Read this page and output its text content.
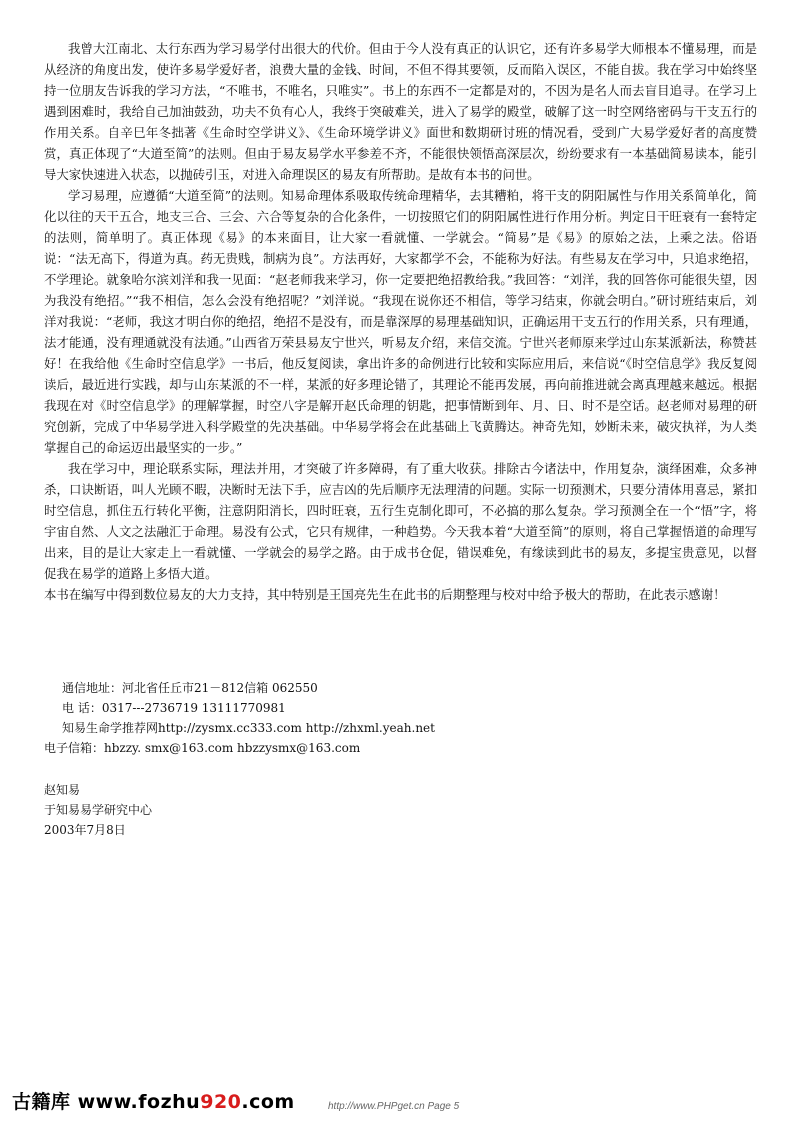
我曾大江南北、太行东西为学习易学付出很大的代价。但由于今人没有真正的认识它，还有许多易学大师根本不懂易理，而是从经济的角度出发，使许多易学爱好者，浪费大量的金钱、时间，不但不得其要领，反而陷入误区，不能自拔。我在学习中始终坚持一位朋友告诉我的学习方法，“不唯书，不唯名，只唯实”。书上的东西不一定都是对的，不因为是名人而去盲目追寻。在学习上遇到困难时，我给自己加油鼓劲，功夫不负有心人，我终于突破难关，进入了易学的殿堂，破解了这一时空网络密码与干支五行的作用关系。自辛巳年冬拙著《生命时空学讲义》、《生命环境学讲义》面世和数期研讨班的情况看，受到广大易学爱好者的高度赞赏，真正体现了“大道至简”的法则。但由于易友易学水平参差不齐，不能很快领悟高深层次，纷纷要求有一本基础简易读本，能引导大家快速进入状态，以抛砖引玉，对进入命理误区的易友有所帮助。是故有本书的问世。

学习易理，应遵循“大道至简”的法则。知易命理体系吸取传统命理精华，去其糟粕，将干支的阴阳属性与作用关系简单化，简化以往的天干五合，地支三合、三会、六合等复杂的合化条件，一切按照它们的阴阳属性进行作用分析。判定日干旺衰有一套特定的法则，简单明了。真正体现《易》的本来面目，让大家一看就懂、一学就会。“简易”是《易》的原始之法，上乘之法。俗语说：“法无高下，得道为真。药无贵贱，制病为良”。方法再好，大家都学不会，不能称为好法。有些易友在学习中，只追求绝招，不学理论。就象哈尔滨刘洋和我一见面：“赵老师我来学习，你一定要把绝招教给我。”我回答：“刘洋，我的回答你可能很失望，因为我没有绝招。”“我不相信，怎么会没有绝招呢？”刘洋说。“我现在说你还不相信，等学习结束，你就会明白。”研讨班结束后，刘洋对我说：“老师，我这才明白你的绝招，绝招不是没有，而是靠深厚的易理基础知识，正确运用干支五行的作用关系，只有理通，法才能通，没有理通就没有法通。”山西省万荣县易友宁世兴，听易友介绍，来信交流。宁世兴老师原来学过山东某派新法，称赞甚好！在我给他《生命时空信息学》一书后，他反复阅读，拿出许多的命例进行比较和实际应用后，来信说“《时空信息学》我反复阅读后，最近进行实践，却与山东某派的不一样，某派的好多理论错了，其理论不能再发展，再向前推进就会离真理越来越远。根据我现在对《时空信息学》的理解掌握，时空八字是解开赵氏命理的钥匙，把事情断到年、月、日、时不是空话。赵老师对易理的研究创新，完成了中华易学进入科学殿堂的先决基础。中华易学将会在此基础上飞黄腾达。神奇先知，妙断未来，破灾执祥，为人类掌握自己的命运迈出最坚实的一步。”

我在学习中，理论联系实际，理法并用，才突破了许多障碍，有了重大收获。排除古今诸法中，作用复杂，演绎困难，众多神杀，口诀断语，叫人光顾不暇，决断时无法下手，应吉凶的先后顺序无法理清的问题。实际一切预测术，只要分清体用喜忌，紧扣时空信息，抓住五行转化平衡，注意阴阳消长，四时旺衰，五行生克制化即可，不必搞的那么复杂。学习预测全在一个“悟”字，将宇宙自然、人文之法融汇于命理。易没有公式，它只有规律，一种趋势。今天我本着“大道至简”的原则，将自己掌握悟道的命理写出来，目的是让大家走上一看就懂、一学就会的易学之路。由于成书仓促，错误难免，有缘读到此书的易友，多提宝贵意见，以督促我在易学的道路上多悟大道。

本书在编写中得到数位易友的大力支持，其中特别是王国亮先生在此书的后期整理与校对中给予极大的帮助，在此表示感谢！

通信地址：河北省任丘市21－812信箱 062550
电 话：0317---2736719 13111770981
知易生命学推荐网http://zysmx.cc333.com http://zhxml.yeah.net
电子信箱：hbzzy. smx@163.com hbzzysmx@163.com
赵知易
于知易易学研究中心
2003年7月8日
古籍库 www.fozhu920.com	http://www.PHPget.cn Page 5
